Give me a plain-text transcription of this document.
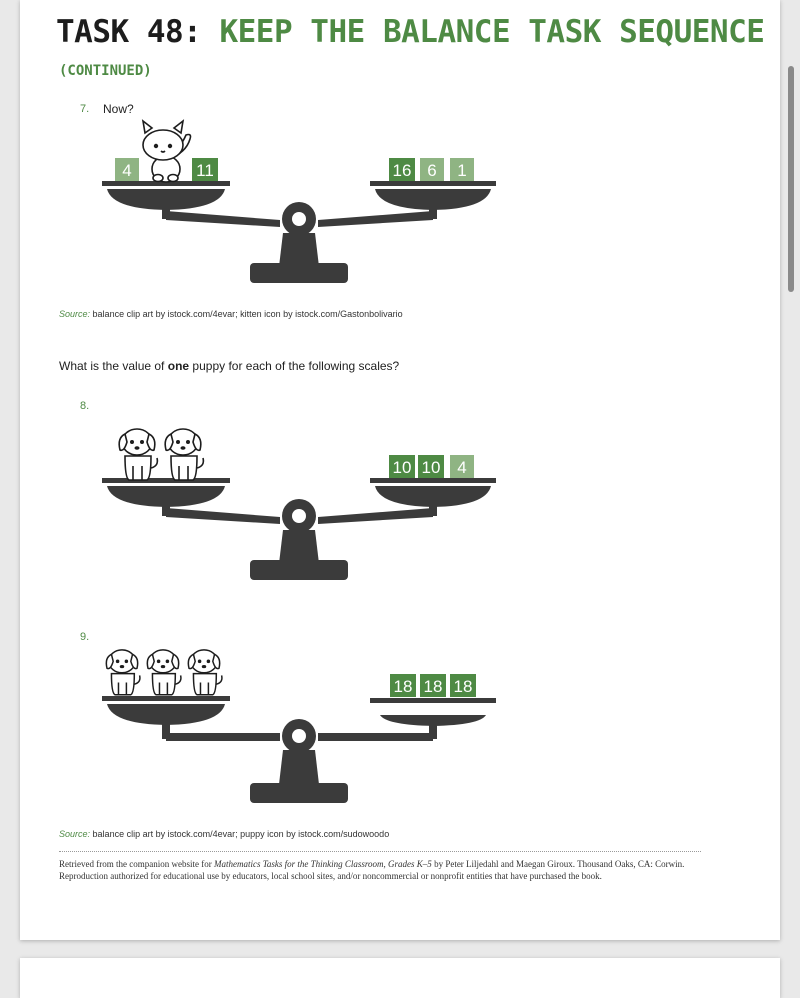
TASK 48: KEEP THE BALANCE TASK SEQUENCE
(CONTINUED)
7. Now?
4	11	16 6 1
Source: balance clip art by istock.com/4evar; kitten icon by istock.com/Gastonbolivario
What is the value of one puppy for each of the following scales?
8.
10 10 4
9.
18 18 18
Source: balance clip art by istock.com/4evar; puppy icon by istock.com/sudowoodo
Retrieved from the companion website for Mathematics Tasks for the Thinking Classroom, Grades K–5 by Peter Liljedahl and Maegan Giroux. Thousand Oaks, CA: Corwin. Reproduction authorized for educational use by educators, local school sites, and/or noncommercial or nonprofit entities that have purchased the book.
